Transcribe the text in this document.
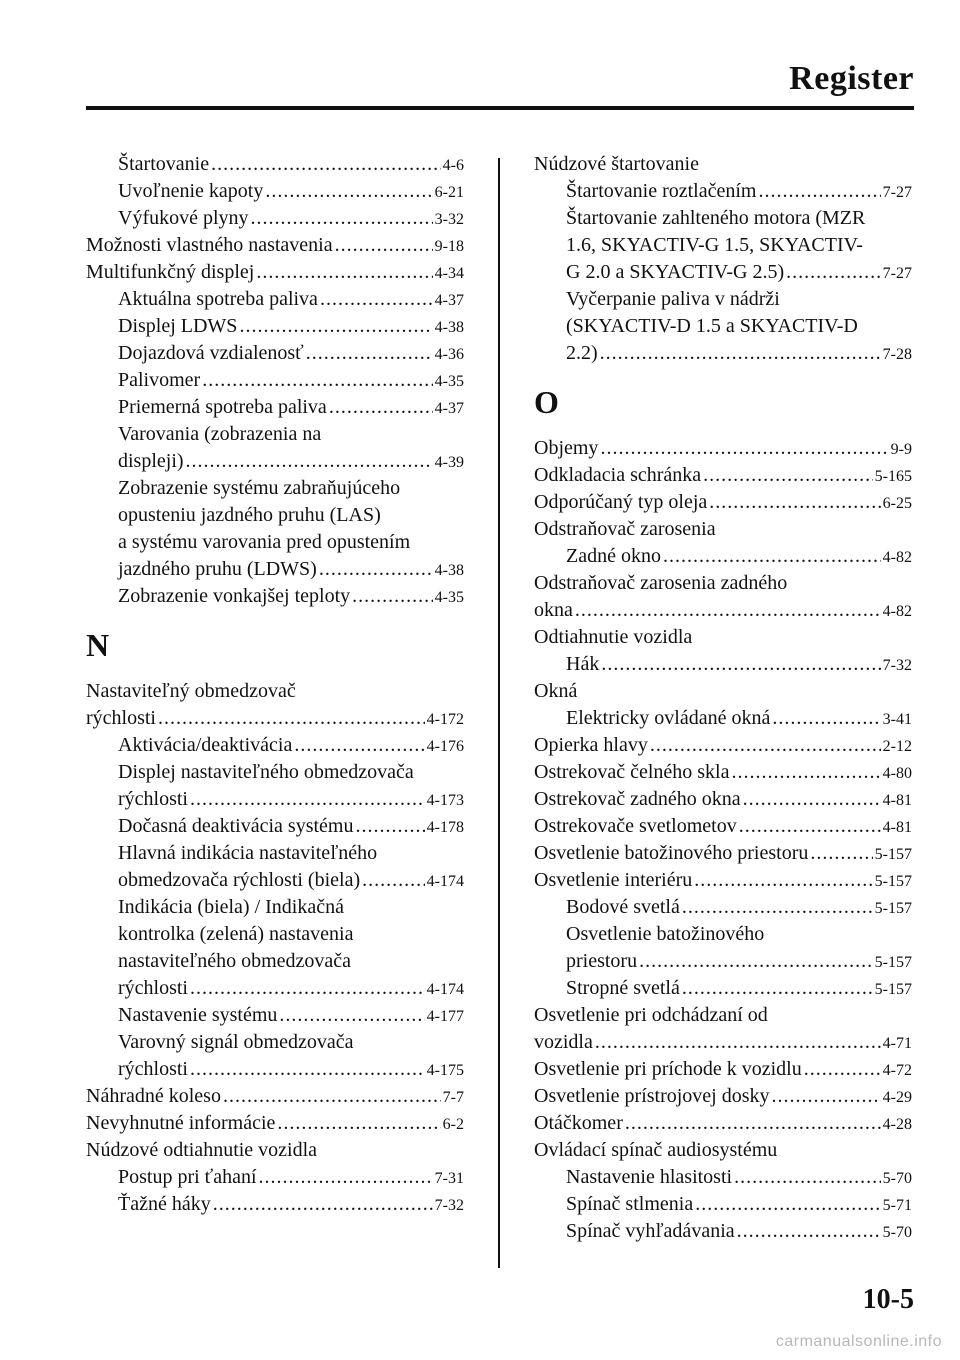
Register
Štartovanie .....	4-6
Uvoľnenie kapoty .....	6-21
Výfukové plyny .....	3-32
Možnosti vlastného nastavenia .....	9-18
Multifunkčný displej .....	4-34
Aktuálna spotreba paliva .....	4-37
Displej LDWS .....	4-38
Dojazdová vzdialenosť .....	4-36
Palivomer .....	4-35
Priemerná spotreba paliva .....	4-37
Varovania (zobrazenia na
displeji) .....	4-39
Zobrazenie systému zabraňujúceho
opusteniu jazdného pruhu (LAS)
a systému varovania pred opustením
jazdného pruhu (LDWS) .....	4-38
Zobrazenie vonkajšej teploty .....	4-35
N
Nastaviteľný obmedzovač
rýchlosti .....	4-172
Aktivácia/deaktivácia .....	4-176
Displej nastaviteľného obmedzovača
rýchlosti .....	4-173
Dočasná deaktivácia systému .....	4-178
Hlavná indikácia nastaviteľného
obmedzovača rýchlosti (biela) .....	4-174
Indikácia (biela) / Indikačná
kontrolka (zelená) nastavenia
nastaviteľného obmedzovača
rýchlosti .....	4-174
Nastavenie systému .....	4-177
Varovný signál obmedzovača
rýchlosti .....	4-175
Náhradné koleso .....	7-7
Nevyhnutné informácie .....	6-2
Núdzové odtiahnutie vozidla
Postup pri ťahaní .....	7-31
Ťažné háky .....	7-32
Núdzové štartovanie
Štartovanie roztlačením .....	7-27
Štartovanie zahlteného motora (MZR
1.6, SKYACTIV-G 1.5, SKYACTIV-
G 2.0 a SKYACTIV-G 2.5) .....	7-27
Vyčerpanie paliva v nádrži
(SKYACTIV-D 1.5 a SKYACTIV-D
2.2) .....	7-28
O
Objemy .....	9-9
Odkladacia schránka .....	5-165
Odporúčaný typ oleja .....	6-25
Odstraňovač zarosenia
Zadné okno .....	4-82
Odstraňovač zarosenia zadného
okna .....	4-82
Odtiahnutie vozidla
Hák .....	7-32
Okná
Elektricky ovládané okná .....	3-41
Opierka hlavy .....	2-12
Ostrekovač čelného skla .....	4-80
Ostrekovač zadného okna .....	4-81
Ostrekovače svetlometov .....	4-81
Osvetlenie batožinového priestoru .....	5-157
Osvetlenie interiéru .....	5-157
Bodové svetlá .....	5-157
Osvetlenie batožinového
priestoru .....	5-157
Stropné svetlá .....	5-157
Osvetlenie pri odchádzaní od
vozidla .....	4-71
Osvetlenie pri príchode k vozidlu .....	4-72
Osvetlenie prístrojovej dosky .....	4-29
Otáčkomer .....	4-28
Ovládací spínač audiosystému
Nastavenie hlasitosti .....	5-70
Spínač stlmenia .....	5-71
Spínač vyhľadávania .....	5-70
10-5
carmanualsonline.info
